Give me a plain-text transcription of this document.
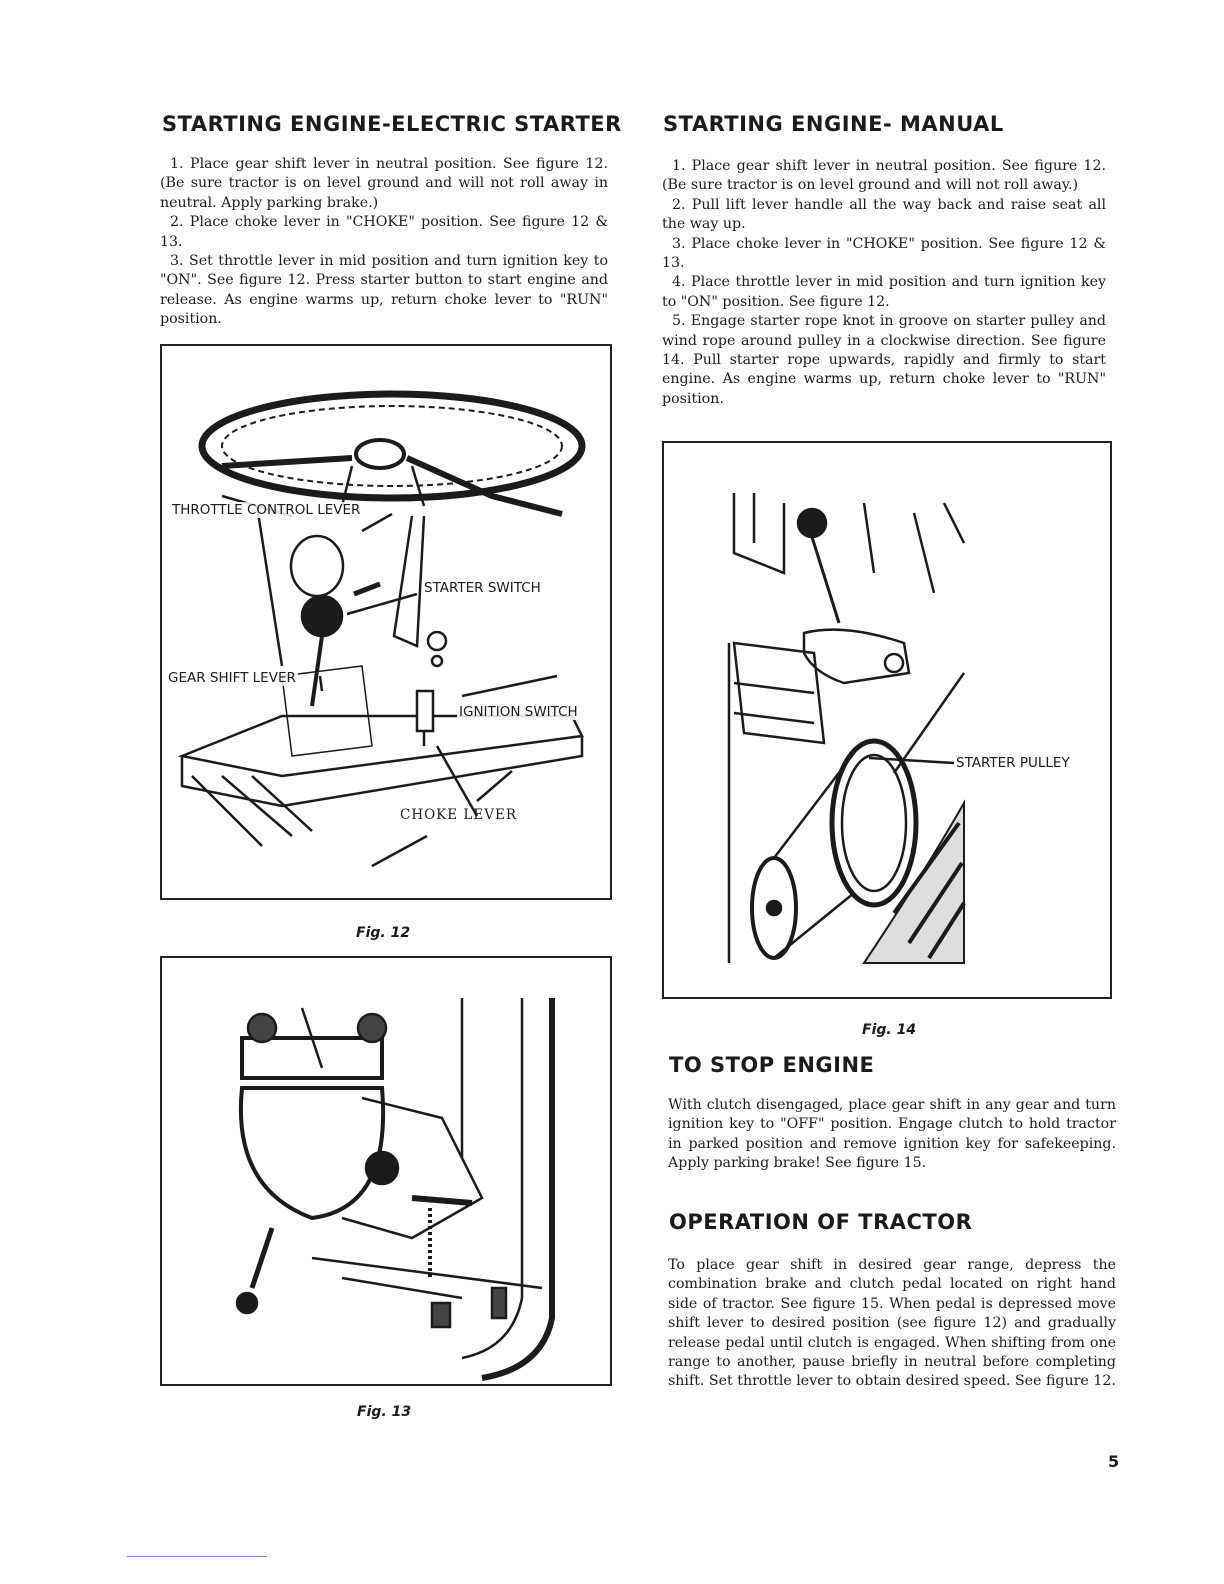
STARTING ENGINE-ELECTRIC STARTER

1. Place gear shift lever in neutral position. See figure 12. (Be sure tractor is on level ground and will not roll away in neutral. Apply parking brake.)

2. Place choke lever in "CHOKE" position. See figure 12 & 13.

3. Set throttle lever in mid position and turn ignition key to "ON". See figure 12. Press starter button to start engine and release. As engine warms up, return choke lever to "RUN" position.

THROTTLE CONTROL LEVER
STARTER SWITCH
GEAR SHIFT LEVER
IGNITION SWITCH
CHOKE LEVER
Fig. 12
Fig. 13
STARTING ENGINE- MANUAL

1. Place gear shift lever in neutral position. See figure 12. (Be sure tractor is on level ground and will not roll away.)

2. Pull lift lever handle all the way back and raise seat all the way up.

3. Place choke lever in "CHOKE" position. See figure 12 & 13.

4. Place throttle lever in mid position and turn ignition key to "ON" position. See figure 12.

5. Engage starter rope knot in groove on starter pulley and wind rope around pulley in a clockwise direction. See figure 14. Pull starter rope upwards, rapidly and firmly to start engine. As engine warms up, return choke lever to "RUN" position.

STARTER PULLEY
Fig. 14
TO STOP ENGINE

With clutch disengaged, place gear shift in any gear and turn ignition key to "OFF" position. Engage clutch to hold tractor in parked position and remove ignition key for safekeeping. Apply parking brake! See figure 15.

OPERATION OF TRACTOR

To place gear shift in desired gear range, depress the combination brake and clutch pedal located on right hand side of tractor. See figure 15. When pedal is depressed move shift lever to desired position (see figure 12) and gradually release pedal until clutch is engaged. When shifting from one range to another, pause briefly in neutral before completing shift. Set throttle lever to obtain desired speed. See figure 12.

5
